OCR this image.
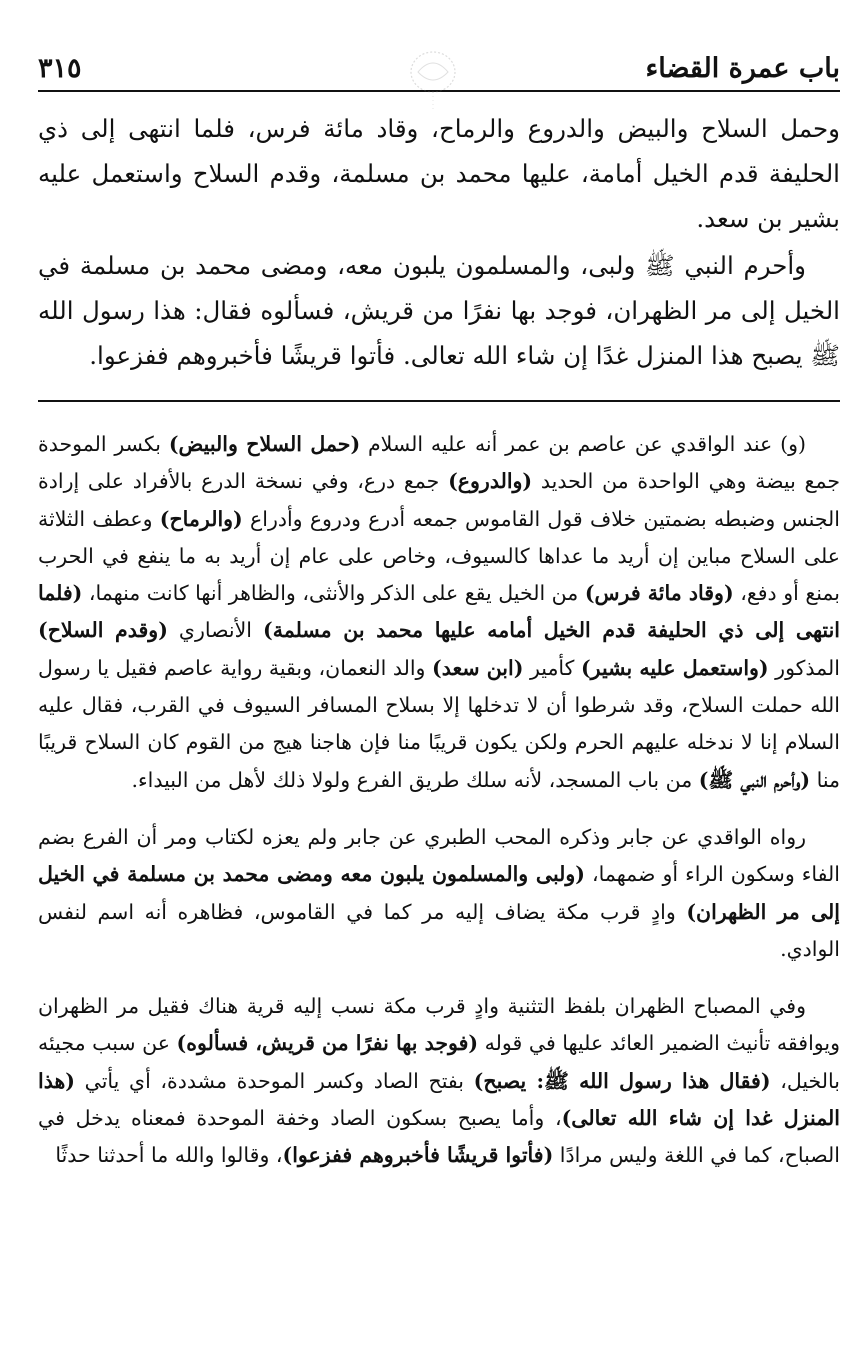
باب عمرة القضاء
٣١٥

وحمل السلاح والبيض والدروع والرماح، وقاد مائة فرس، فلما انتهى إلى ذي الحليفة قدم الخيل أمامة، عليها محمد بن مسلمة، وقدم السلاح واستعمل عليه بشير بن سعد.

وأحرم النبي ﷺ ولبى، والمسلمون يلبون معه، ومضى محمد بن مسلمة في الخيل إلى مر الظهران، فوجد بها نفرًا من قريش، فسألوه فقال: هذا رسول الله ﷺ يصبح هذا المنزل غدًا إن شاء الله تعالى. فأتوا قريشًا فأخبروهم ففزعوا.

(و) عند الواقدي عن عاصم بن عمر أنه عليه السلام (حمل السلاح والبيض) بكسر الموحدة جمع بيضة وهي الواحدة من الحديد (والدروع) جمع درع، وفي نسخة الدرع بالأفراد على إرادة الجنس وضبطه بضمتين خلاف قول القاموس جمعه أدرع ودروع وأدراع (والرماح) وعطف الثلاثة على السلاح مباين إن أريد ما عداها كالسيوف، وخاص على عام إن أريد به ما ينفع في الحرب بمنع أو دفع، (وقاد مائة فرس) من الخيل يقع على الذكر والأنثى، والظاهر أنها كانت منهما، (فلما انتهى إلى ذي الحليفة قدم الخيل أمامه عليها محمد بن مسلمة) الأنصاري (وقدم السلاح) المذكور (واستعمل عليه بشير) كأمير (ابن سعد) والد النعمان، وبقية رواية عاصم فقيل يا رسول الله حملت السلاح، وقد شرطوا أن لا تدخلها إلا بسلاح المسافر السيوف في القرب، فقال عليه السلام إنا لا ندخله عليهم الحرم ولكن يكون قريبًا منا فإن هاجنا هيج من القوم كان السلاح قريبًا منا (وأحرم النبي ﷺ) من باب المسجد، لأنه سلك طريق الفرع ولولا ذلك لأهل من البيداء.

رواه الواقدي عن جابر وذكره المحب الطبري عن جابر ولم يعزه لكتاب ومر أن الفرع بضم الفاء وسكون الراء أو ضمهما، (ولبى والمسلمون يلبون معه ومضى محمد بن مسلمة في الخيل إلى مر الظهران) وادٍ قرب مكة يضاف إليه مر كما في القاموس، فظاهره أنه اسم لنفس الوادي.

وفي المصباح الظهران بلفظ التثنية وادٍ قرب مكة نسب إليه قرية هناك فقيل مر الظهران ويوافقه تأنيث الضمير العائد عليها في قوله (فوجد بها نفرًا من قريش، فسألوه) عن سبب مجيئه بالخيل، (فقال هذا رسول الله ﷺ: يصبح) بفتح الصاد وكسر الموحدة مشددة، أي يأتي (هذا المنزل غدا إن شاء الله تعالى)، وأما يصبح بسكون الصاد وخفة الموحدة فمعناه يدخل في الصباح، كما في اللغة وليس مرادًا (فأتوا قريشًا فأخبروهم ففزعوا)، وقالوا والله ما أحدثنا حدثًا
